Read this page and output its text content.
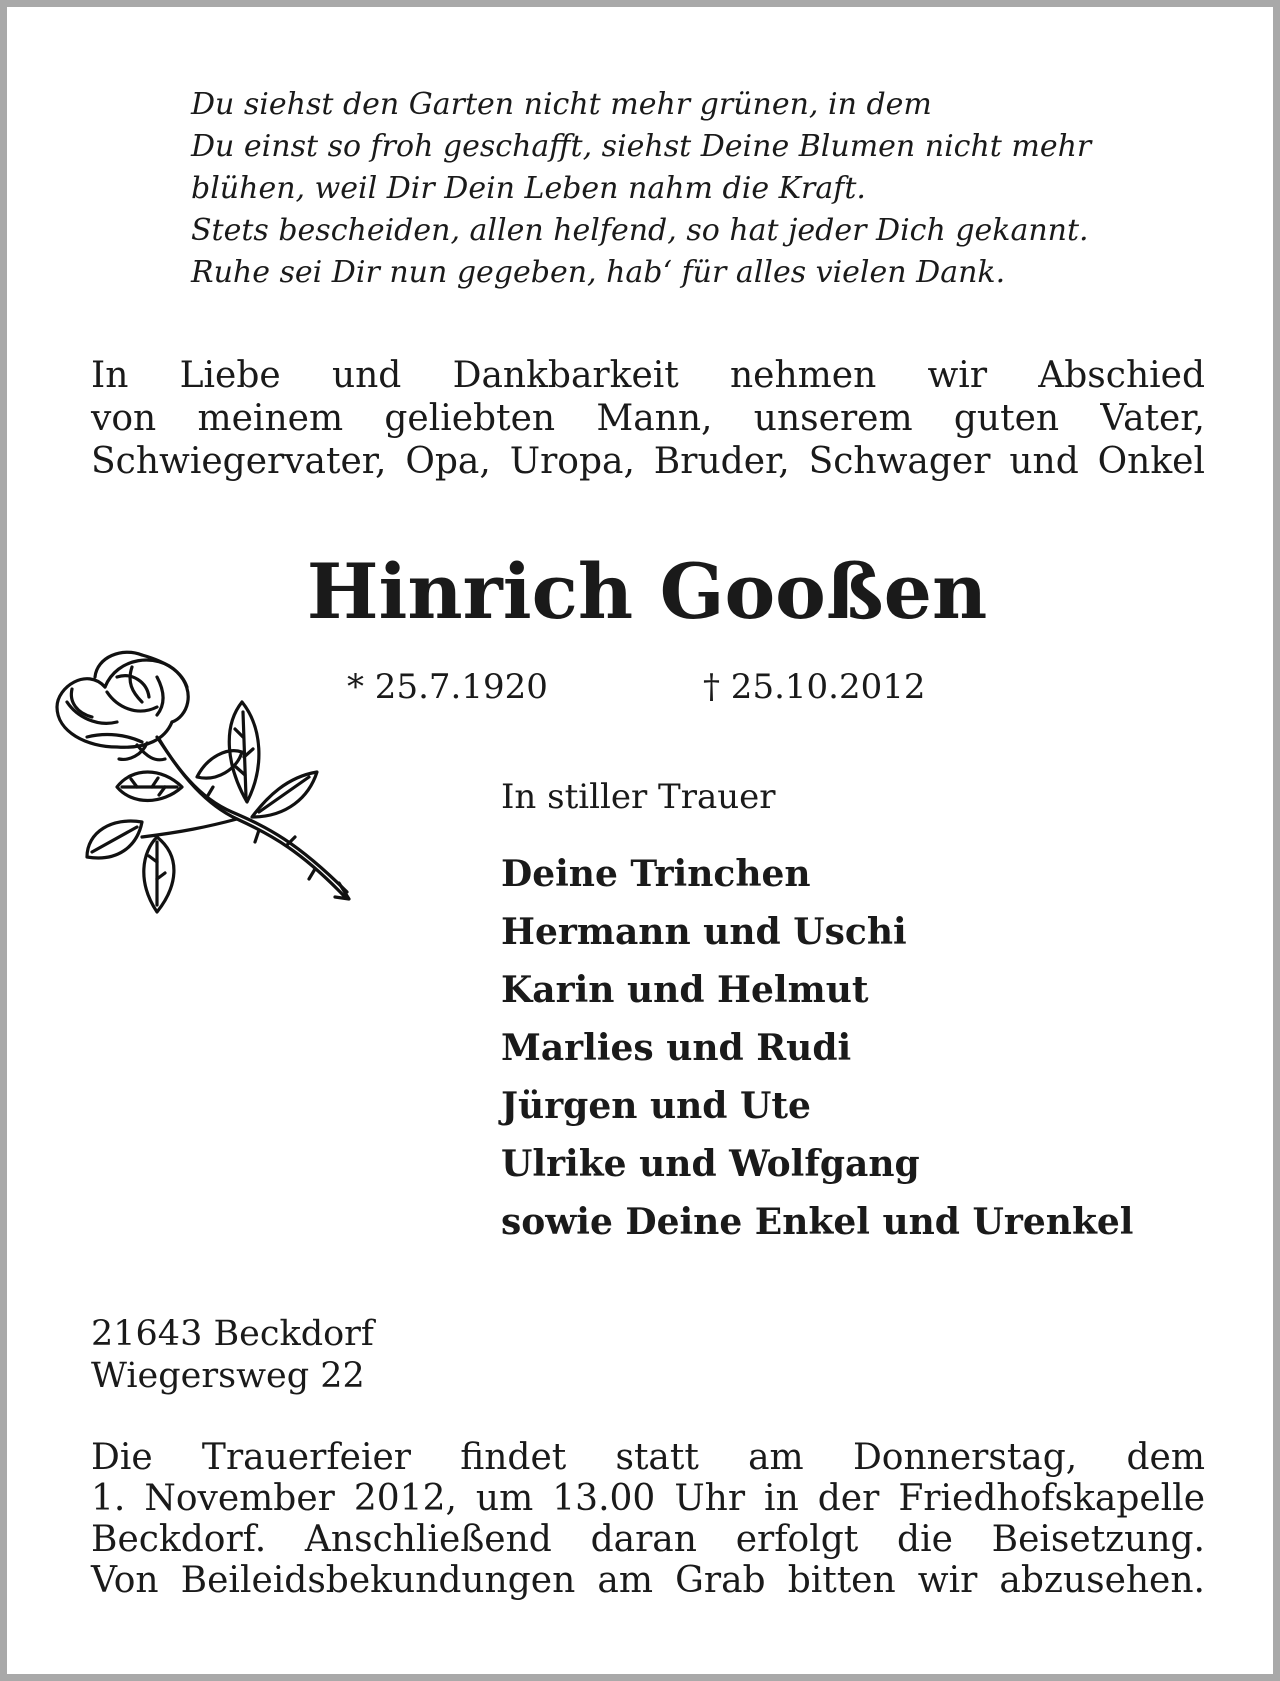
Du siehst den Garten nicht mehr grünen, in dem
Du einst so froh geschafft, siehst Deine Blumen nicht mehr
blühen, weil Dir Dein Leben nahm die Kraft.
Stets bescheiden, allen helfend, so hat jeder Dich gekannt.
Ruhe sei Dir nun gegeben, hab‘ für alles vielen Dank.
In Liebe und Dankbarkeit nehmen wir Abschied
von meinem geliebten Mann, unserem guten Vater,
Schwiegervater, Opa, Uropa, Bruder, Schwager und Onkel
Hinrich Gooßen
* 25.7.1920	† 25.10.2012
In stiller Trauer
Deine Trinchen
Hermann und Uschi
Karin und Helmut
Marlies und Rudi
Jürgen und Ute
Ulrike und Wolfgang
sowie Deine Enkel und Urenkel
21643 Beckdorf
Wiegersweg 22
Die Trauerfeier findet statt am Donnerstag, dem
1. November 2012, um 13.00 Uhr in der Friedhofskapelle
Beckdorf. Anschließend daran erfolgt die Beisetzung.
Von Beileidsbekundungen am Grab bitten wir abzusehen.
